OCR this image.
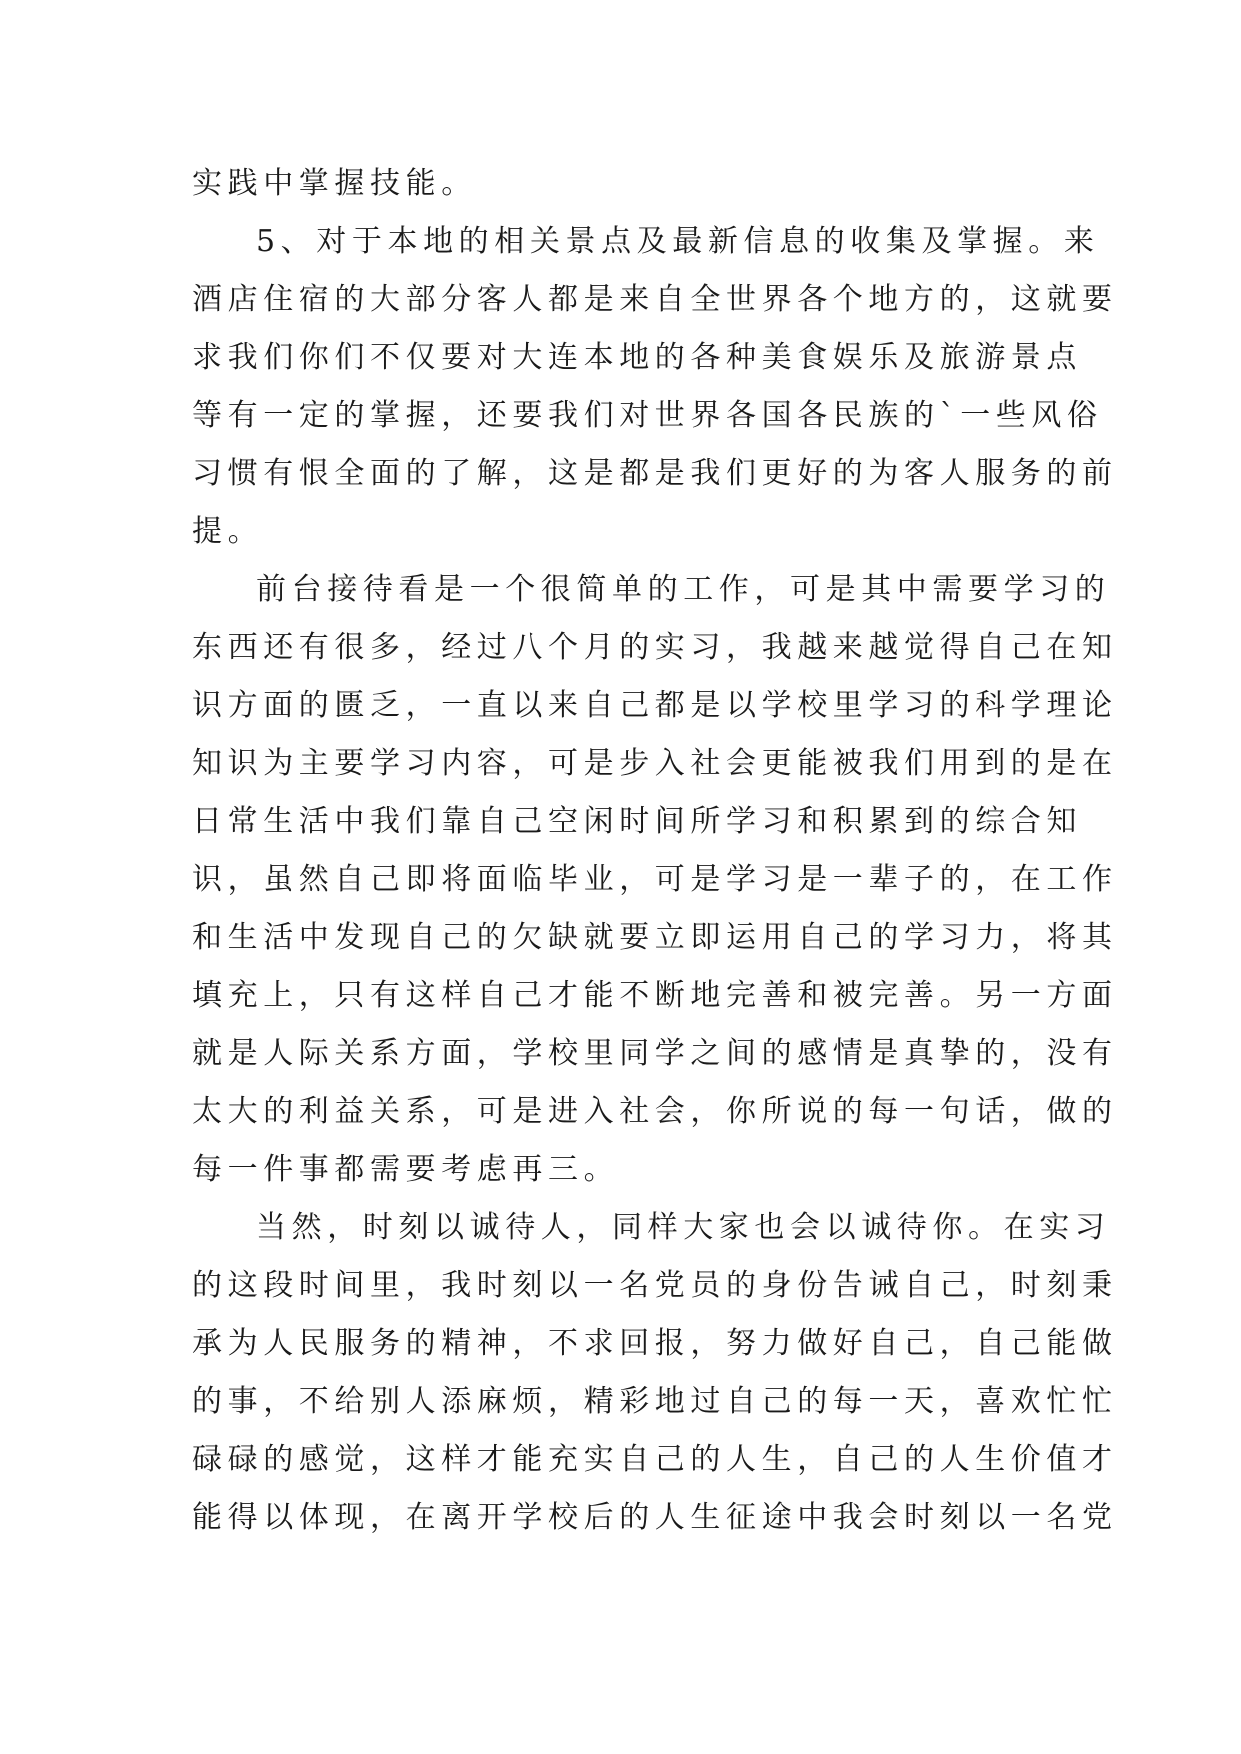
实践中掌握技能。
5、对于本地的相关景点及最新信息的收集及掌握。来
酒店住宿的大部分客人都是来自全世界各个地方的，这就要
求我们你们不仅要对大连本地的各种美食娱乐及旅游景点
等有一定的掌握，还要我们对世界各国各民族的`一些风俗
习惯有恨全面的了解，这是都是我们更好的为客人服务的前
提。
前台接待看是一个很简单的工作，可是其中需要学习的
东西还有很多，经过八个月的实习，我越来越觉得自己在知
识方面的匮乏，一直以来自己都是以学校里学习的科学理论
知识为主要学习内容，可是步入社会更能被我们用到的是在
日常生活中我们靠自己空闲时间所学习和积累到的综合知
识，虽然自己即将面临毕业，可是学习是一辈子的，在工作
和生活中发现自己的欠缺就要立即运用自己的学习力，将其
填充上，只有这样自己才能不断地完善和被完善。另一方面
就是人际关系方面，学校里同学之间的感情是真挚的，没有
太大的利益关系，可是进入社会，你所说的每一句话，做的
每一件事都需要考虑再三。
当然，时刻以诚待人，同样大家也会以诚待你。在实习
的这段时间里，我时刻以一名党员的身份告诫自己，时刻秉
承为人民服务的精神，不求回报，努力做好自己，自己能做
的事，不给别人添麻烦，精彩地过自己的每一天，喜欢忙忙
碌碌的感觉，这样才能充实自己的人生，自己的人生价值才
能得以体现，在离开学校后的人生征途中我会时刻以一名党
